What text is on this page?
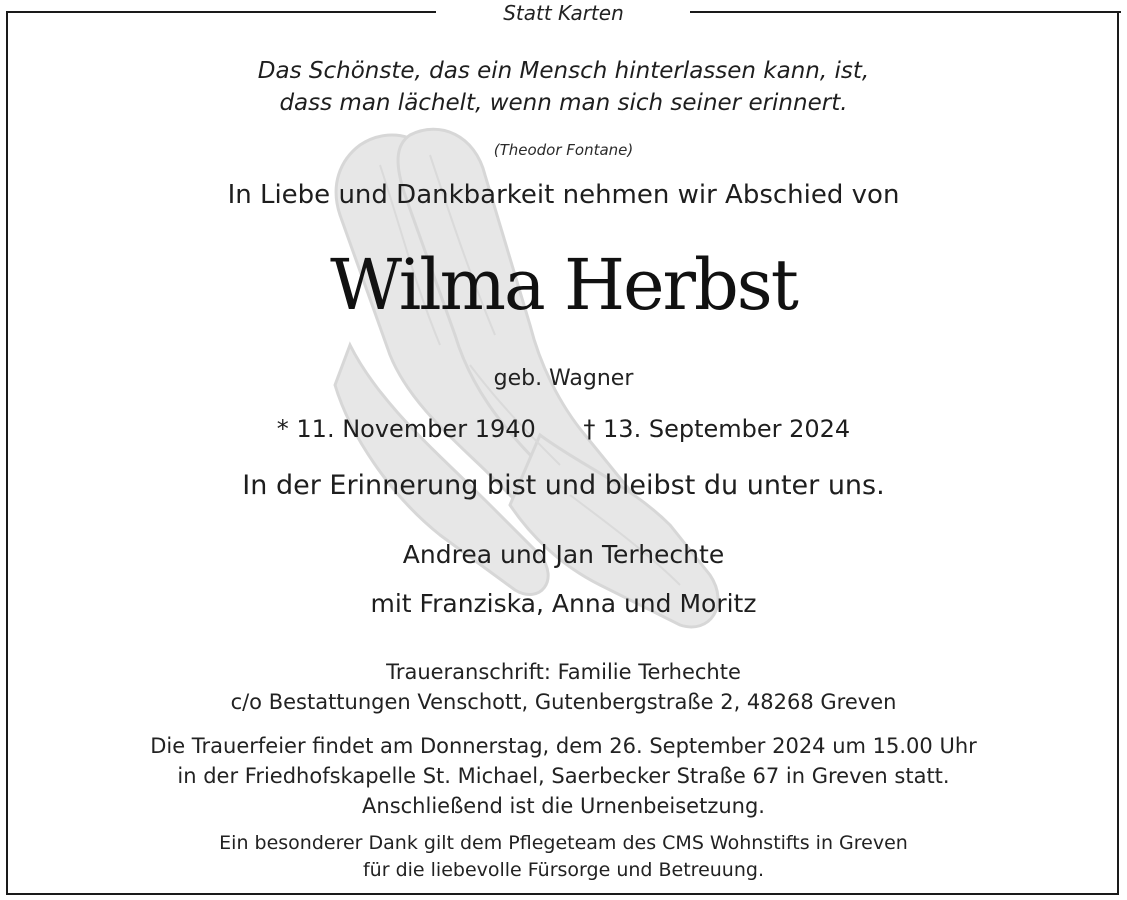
Statt Karten
Das Schönste, das ein Mensch hinterlassen kann, ist,
dass man lächelt, wenn man sich seiner erinnert.
(Theodor Fontane)
In Liebe und Dankbarkeit nehmen wir Abschied von
Wilma Herbst
geb. Wagner
* 11. November 1940 † 13. September 2024
In der Erinnerung bist und bleibst du unter uns.
Andrea und Jan Terhechte
mit Franziska, Anna und Moritz
Traueranschrift: Familie Terhechte
c/o Bestattungen Venschott, Gutenbergstraße 2, 48268 Greven
Die Trauerfeier findet am Donnerstag, dem 26. September 2024 um 15.00 Uhr
in der Friedhofskapelle St. Michael, Saerbecker Straße 67 in Greven statt.
Anschließend ist die Urnenbeisetzung.
Ein besonderer Dank gilt dem Pflegeteam des CMS Wohnstifts in Greven
für die liebevolle Fürsorge und Betreuung.
